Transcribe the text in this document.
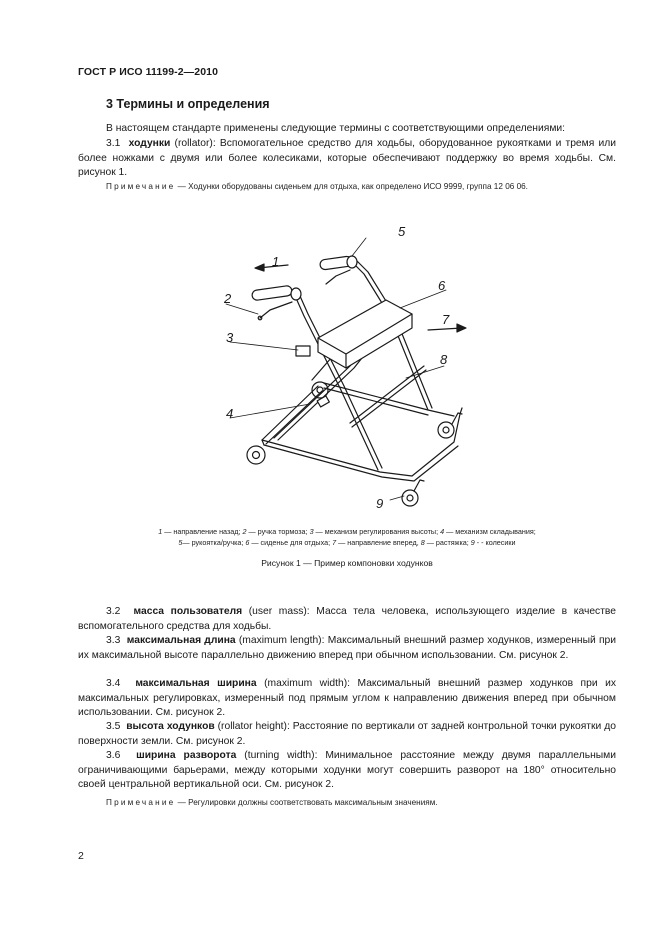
ГОСТ Р ИСО 11199-2—2010
3 Термины и определения

В настоящем стандарте применены следующие термины с соответствующими определениями:

3.1 ходунки (rollator): Вспомогательное средство для ходьбы, оборудованное рукоятками и тремя или более ножками с двумя или более колесиками, которые обеспечивают поддержку во время ходьбы. См. рисунок 1.

Примечание — Ходунки оборудованы сиденьем для отдыха, как определено ИСО 9999, группа 12 06 06.

1
2
3
4
5
6
7
8
9
1 — направление назад; 2 — ручка тормоза; 3 — механизм регулирования высоты; 4 — механизм складывания;
5— рукоятка/ручка; 6 — сиденье для отдыха; 7 — направление вперед, 8 — растяжка; 9 - - колесики
Рисунок 1 — Пример компоновки ходунков

3.2 масса пользователя (user mass): Масса тела человека, использующего изделие в качестве вспомогательного средства для ходьбы.

3.3 максимальная длина (maximum length): Максимальный внешний размер ходунков, измеренный при их максимальной высоте параллельно движению вперед при обычном использовании. См. рисунок 2.

3.4 максимальная ширина (maximum width): Максимальный внешний размер ходунков при их максимальных регулировках, измеренный под прямым углом к направлению движения вперед при обычном использовании. См. рисунок 2.

3.5 высота ходунков (rollator height): Расстояние по вертикали от задней контрольной точки рукоятки до поверхности земли. См. рисунок 2.

3.6 ширина разворота (turning width): Минимальное расстояние между двумя параллельными ограничивающими барьерами, между которыми ходунки могут совершить разворот на 180° относительно своей центральной вертикальной оси. См. рисунок 2.

Примечание — Регулировки должны соответствовать максимальным значениям.

2
